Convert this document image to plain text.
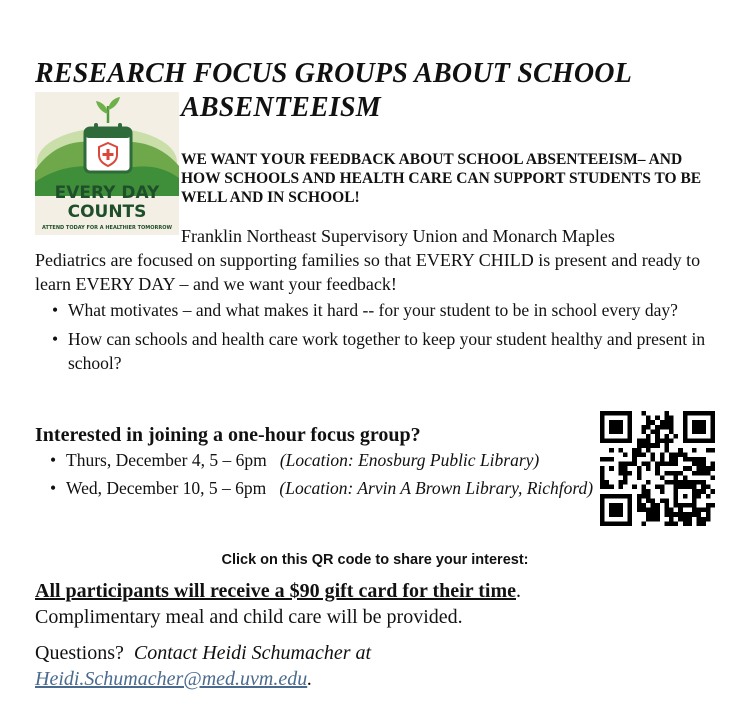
RESEARCH FOCUS GROUPS ABOUT SCHOOL
ABSENTEEISM
EVERY DAY
COUNTS
ATTEND TODAY FOR A HEALTHIER TOMORROW
WE WANT YOUR FEEDBACK ABOUT SCHOOL ABSENTEEISM– AND HOW SCHOOLS AND HEALTH CARE CAN SUPPORT STUDENTS TO BE WELL AND IN SCHOOL!
Franklin Northeast Supervisory Union and Monarch Maples
Pediatrics are focused on supporting families so that EVERY CHILD is present and ready to learn EVERY DAY – and we want your feedback!
• What motivates – and what makes it hard -- for your student to be in school every day?
• How can schools and health care work together to keep your student healthy and present in school?
Interested in joining a one-hour focus group?
• Thurs, December 4, 5 – 6pm (Location: Enosburg Public Library)
• Wed, December 10, 5 – 6pm (Location: Arvin A Brown Library, Richford)
Click on this QR code to share your interest:
All participants will receive a $90 gift card for their time.
Complimentary meal and child care will be provided.
Questions? Contact Heidi Schumacher at
Heidi.Schumacher@med.uvm.edu.
